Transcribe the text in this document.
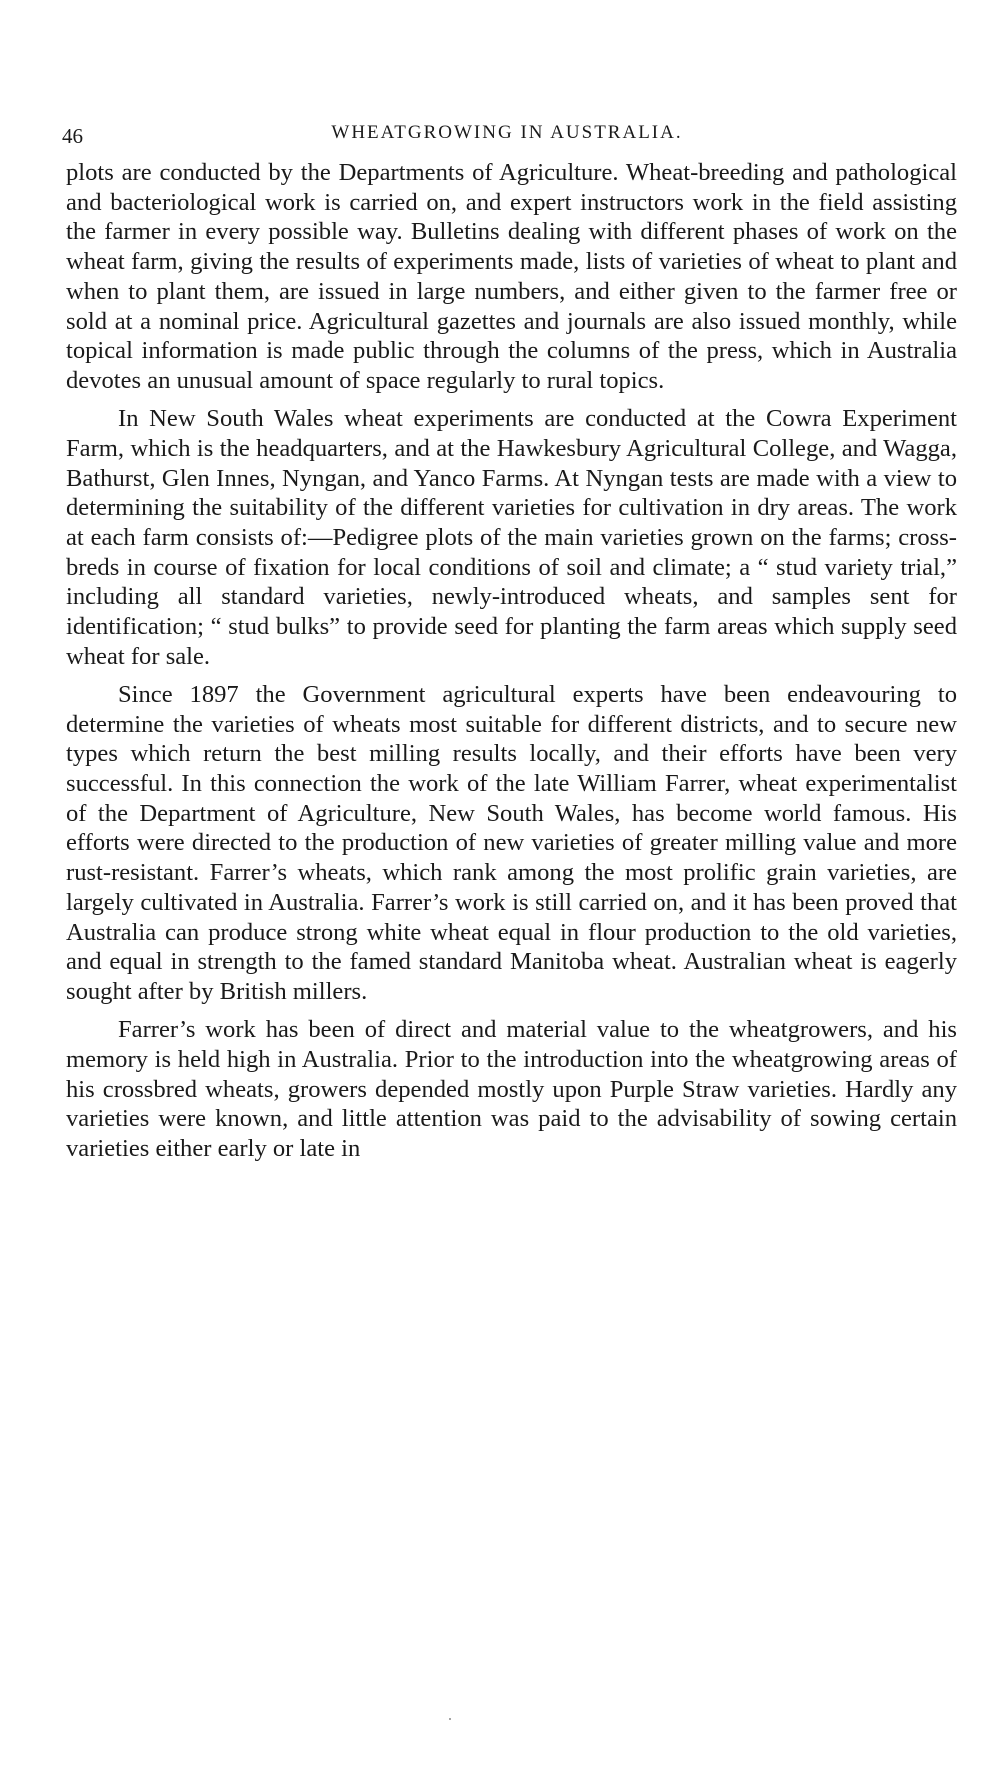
46	WHEATGROWING IN AUSTRALIA.

plots are conducted by the Departments of Agriculture. Wheat-breeding and pathological and bacteriological work is carried on, and expert instructors work in the field assisting the farmer in every possible way. Bulletins dealing with different phases of work on the wheat farm, giving the results of experiments made, lists of varieties of wheat to plant and when to plant them, are issued in large numbers, and either given to the farmer free or sold at a nominal price. Agricultural gazettes and journals are also issued monthly, while topical information is made public through the columns of the press, which in Australia devotes an unusual amount of space regularly to rural topics.

In New South Wales wheat experiments are conducted at the Cowra Experiment Farm, which is the headquarters, and at the Hawkesbury Agricultural College, and Wagga, Bathurst, Glen Innes, Nyngan, and Yanco Farms. At Nyngan tests are made with a view to determining the suitability of the different varieties for cultivation in dry areas. The work at each farm consists of:—Pedigree plots of the main varieties grown on the farms; cross-breds in course of fixation for local conditions of soil and climate; a “ stud variety trial,” including all standard varieties, newly-introduced wheats, and samples sent for identification; “ stud bulks” to provide seed for planting the farm areas which supply seed wheat for sale.

Since 1897 the Government agricultural experts have been endeavouring to determine the varieties of wheats most suitable for different districts, and to secure new types which return the best milling results locally, and their efforts have been very successful. In this connection the work of the late William Farrer, wheat experimentalist of the Department of Agriculture, New South Wales, has become world famous. His efforts were directed to the production of new varieties of greater milling value and more rust-resistant. Farrer’s wheats, which rank among the most prolific grain varieties, are largely cultivated in Australia. Farrer’s work is still carried on, and it has been proved that Australia can produce strong white wheat equal in flour production to the old varieties, and equal in strength to the famed standard Manitoba wheat. Australian wheat is eagerly sought after by British millers.

Farrer’s work has been of direct and material value to the wheatgrowers, and his memory is held high in Australia. Prior to the introduction into the wheatgrowing areas of his crossbred wheats, growers depended mostly upon Purple Straw varieties. Hardly any varieties were known, and little attention was paid to the advisability of sowing certain varieties either early or late in
